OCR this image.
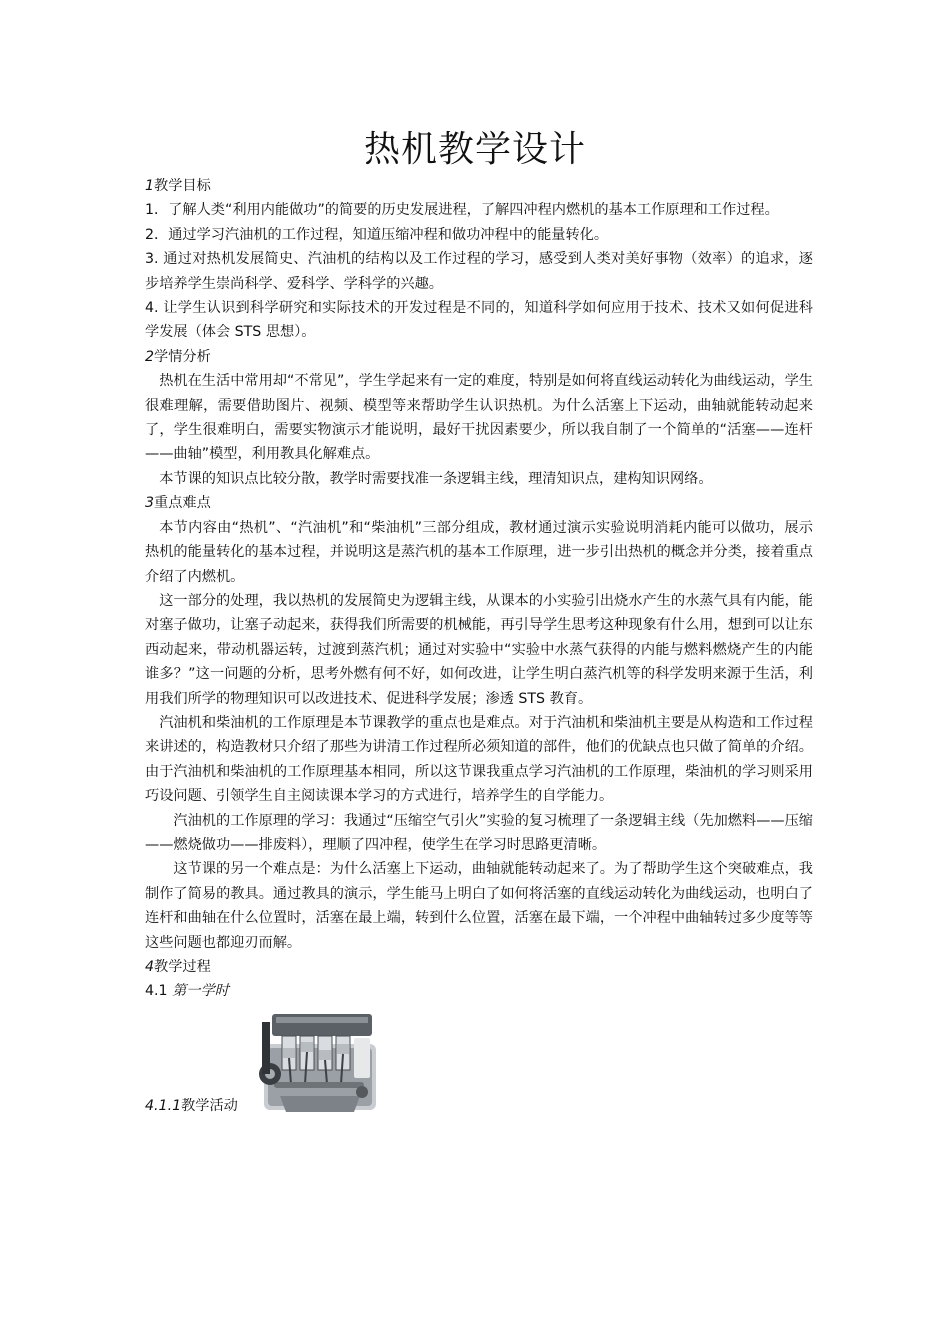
热机教学设计

1教学目标

1．了解人类“利用内能做功”的简要的历史发展进程，了解四冲程内燃机的基本工作原理和工作过程。

2．通过学习汽油机的工作过程，知道压缩冲程和做功冲程中的能量转化。

3. 通过对热机发展简史、汽油机的结构以及工作过程的学习，感受到人类对美好事物（效率）的追求，逐步培养学生崇尚科学、爱科学、学科学的兴趣。

4. 让学生认识到科学研究和实际技术的开发过程是不同的，知道科学如何应用于技术、技术又如何促进科学发展（体会 STS 思想）。

2学情分析

热机在生活中常用却“不常见”，学生学起来有一定的难度，特别是如何将直线运动转化为曲线运动，学生很难理解，需要借助图片、视频、模型等来帮助学生认识热机。为什么活塞上下运动，曲轴就能转动起来了，学生很难明白，需要实物演示才能说明，最好干扰因素要少，所以我自制了一个简单的“活塞——连杆——曲轴”模型，利用教具化解难点。

本节课的知识点比较分散，教学时需要找准一条逻辑主线，理清知识点，建构知识网络。

3重点难点

本节内容由“热机”、“汽油机”和“柴油机”三部分组成，教材通过演示实验说明消耗内能可以做功，展示热机的能量转化的基本过程，并说明这是蒸汽机的基本工作原理，进一步引出热机的概念并分类，接着重点介绍了内燃机。

这一部分的处理，我以热机的发展简史为逻辑主线，从课本的小实验引出烧水产生的水蒸气具有内能，能对塞子做功，让塞子动起来，获得我们所需要的机械能，再引导学生思考这种现象有什么用，想到可以让东西动起来，带动机器运转，过渡到蒸汽机；通过对实验中“实验中水蒸气获得的内能与燃料燃烧产生的内能谁多？”这一问题的分析，思考外燃有何不好，如何改进，让学生明白蒸汽机等的科学发明来源于生活，利用我们所学的物理知识可以改进技术、促进科学发展；渗透 STS 教育。

汽油机和柴油机的工作原理是本节课教学的重点也是难点。对于汽油机和柴油机主要是从构造和工作过程来讲述的，构造教材只介绍了那些为讲清工作过程所必须知道的部件，他们的优缺点也只做了简单的介绍。由于汽油机和柴油机的工作原理基本相同，所以这节课我重点学习汽油机的工作原理，柴油机的学习则采用巧设问题、引领学生自主阅读课本学习的方式进行，培养学生的自学能力。

汽油机的工作原理的学习：我通过“压缩空气引火”实验的复习梳理了一条逻辑主线（先加燃料——压缩——燃烧做功——排废料），理顺了四冲程，使学生在学习时思路更清晰。

这节课的另一个难点是：为什么活塞上下运动，曲轴就能转动起来了。为了帮助学生这个突破难点，我制作了简易的教具。通过教具的演示，学生能马上明白了如何将活塞的直线运动转化为曲线运动，也明白了连杆和曲轴在什么位置时，活塞在最上端，转到什么位置，活塞在最下端，一个冲程中曲轴转过多少度等等这些问题也都迎刃而解。

4教学过程

4.1 第一学时

4.1.1教学活动
